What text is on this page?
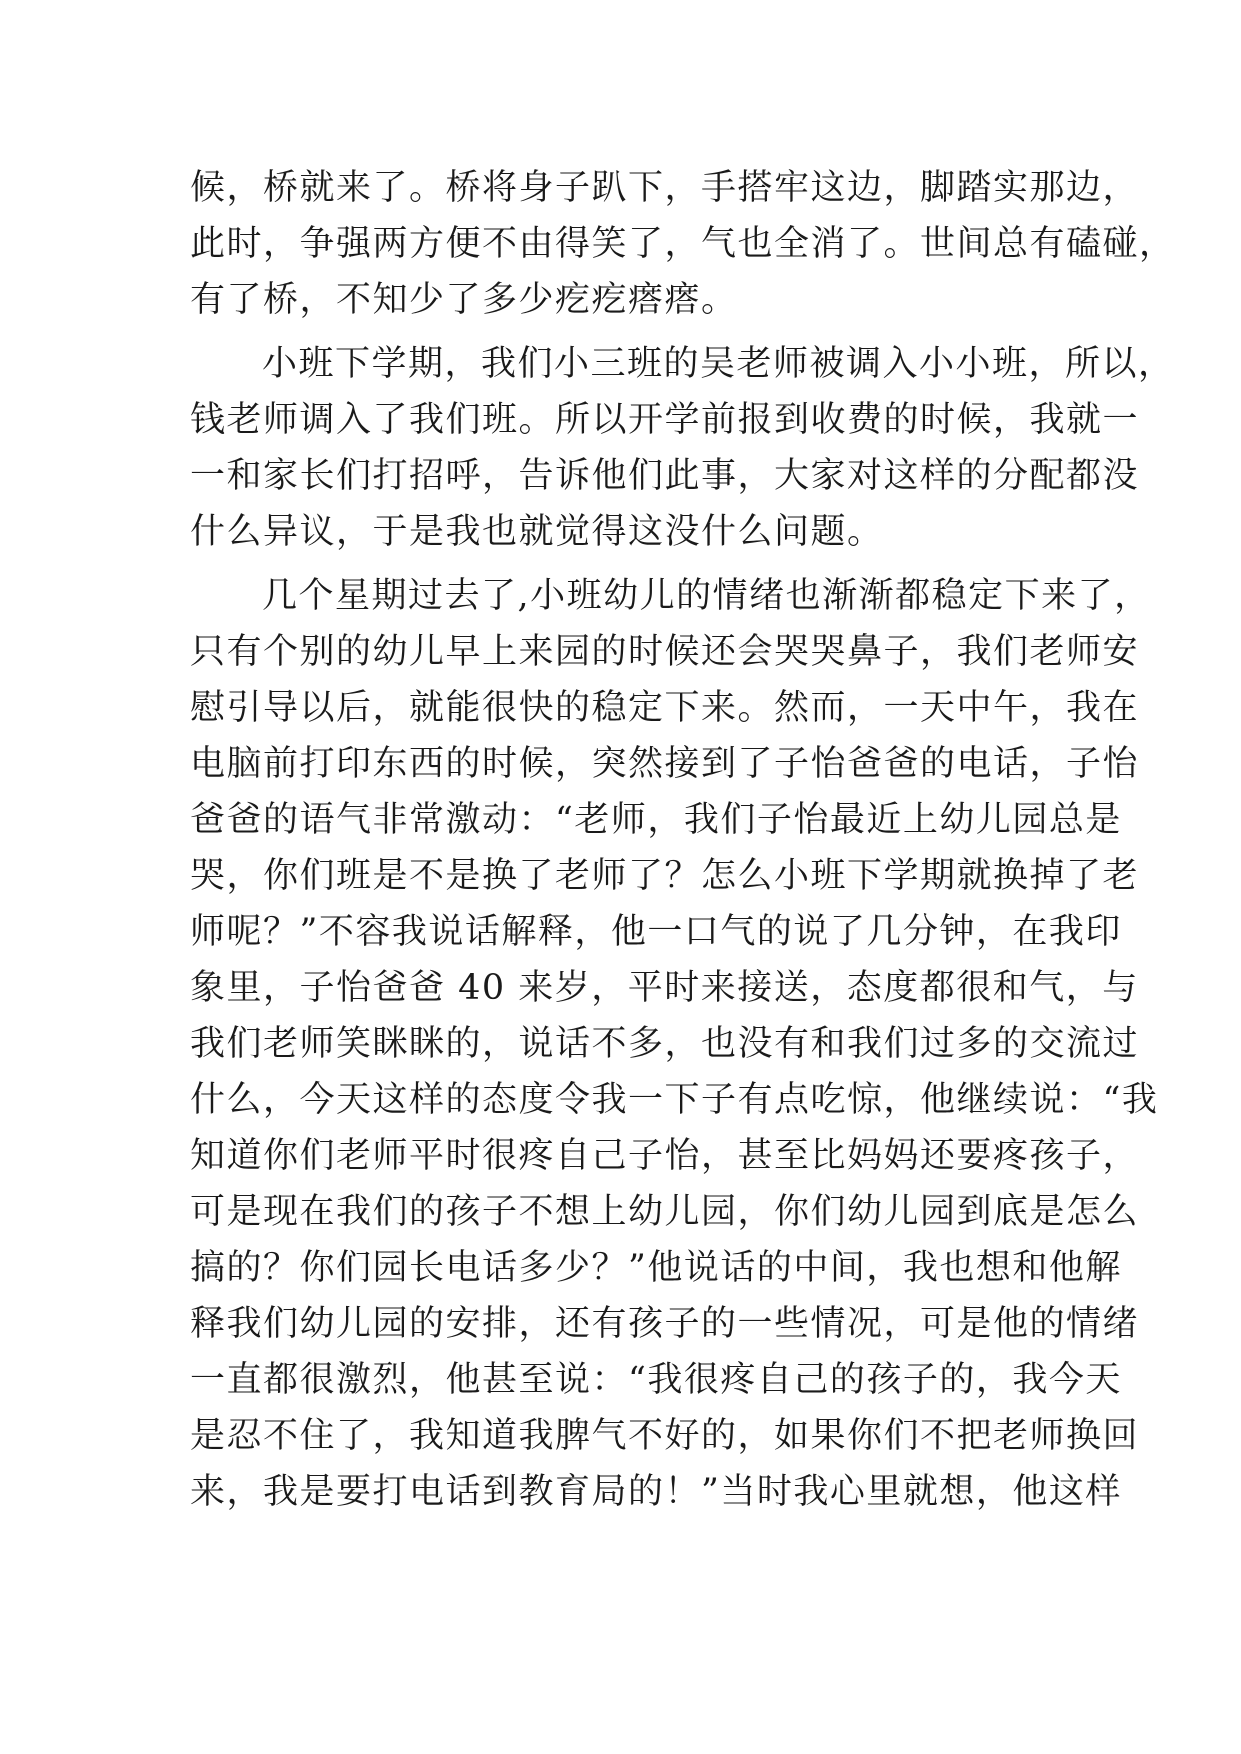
候，桥就来了。桥将身子趴下，手搭牢这边，脚踏实那边，
此时，争强两方便不由得笑了，气也全消了。世间总有磕碰，
有了桥，不知少了多少疙疙瘩瘩。
小班下学期，我们小三班的吴老师被调入小小班，所以，
钱老师调入了我们班。所以开学前报到收费的时候，我就一
一和家长们打招呼，告诉他们此事，大家对这样的分配都没
什么异议，于是我也就觉得这没什么问题。
几个星期过去了,小班幼儿的情绪也渐渐都稳定下来了，
只有个别的幼儿早上来园的时候还会哭哭鼻子，我们老师安
慰引导以后，就能很快的稳定下来。然而，一天中午，我在
电脑前打印东西的时候，突然接到了子怡爸爸的电话，子怡
爸爸的语气非常激动：“老师，我们子怡最近上幼儿园总是
哭，你们班是不是换了老师了？怎么小班下学期就换掉了老
师呢？”不容我说话解释，他一口气的说了几分钟，在我印
象里，子怡爸爸 40 来岁，平时来接送，态度都很和气，与
我们老师笑眯眯的，说话不多，也没有和我们过多的交流过
什么，今天这样的态度令我一下子有点吃惊，他继续说：“我
知道你们老师平时很疼自己子怡，甚至比妈妈还要疼孩子，
可是现在我们的孩子不想上幼儿园，你们幼儿园到底是怎么
搞的？你们园长电话多少？”他说话的中间，我也想和他解
释我们幼儿园的安排，还有孩子的一些情况，可是他的情绪
一直都很激烈，他甚至说：“我很疼自己的孩子的，我今天
是忍不住了，我知道我脾气不好的，如果你们不把老师换回
来，我是要打电话到教育局的！”当时我心里就想，他这样
